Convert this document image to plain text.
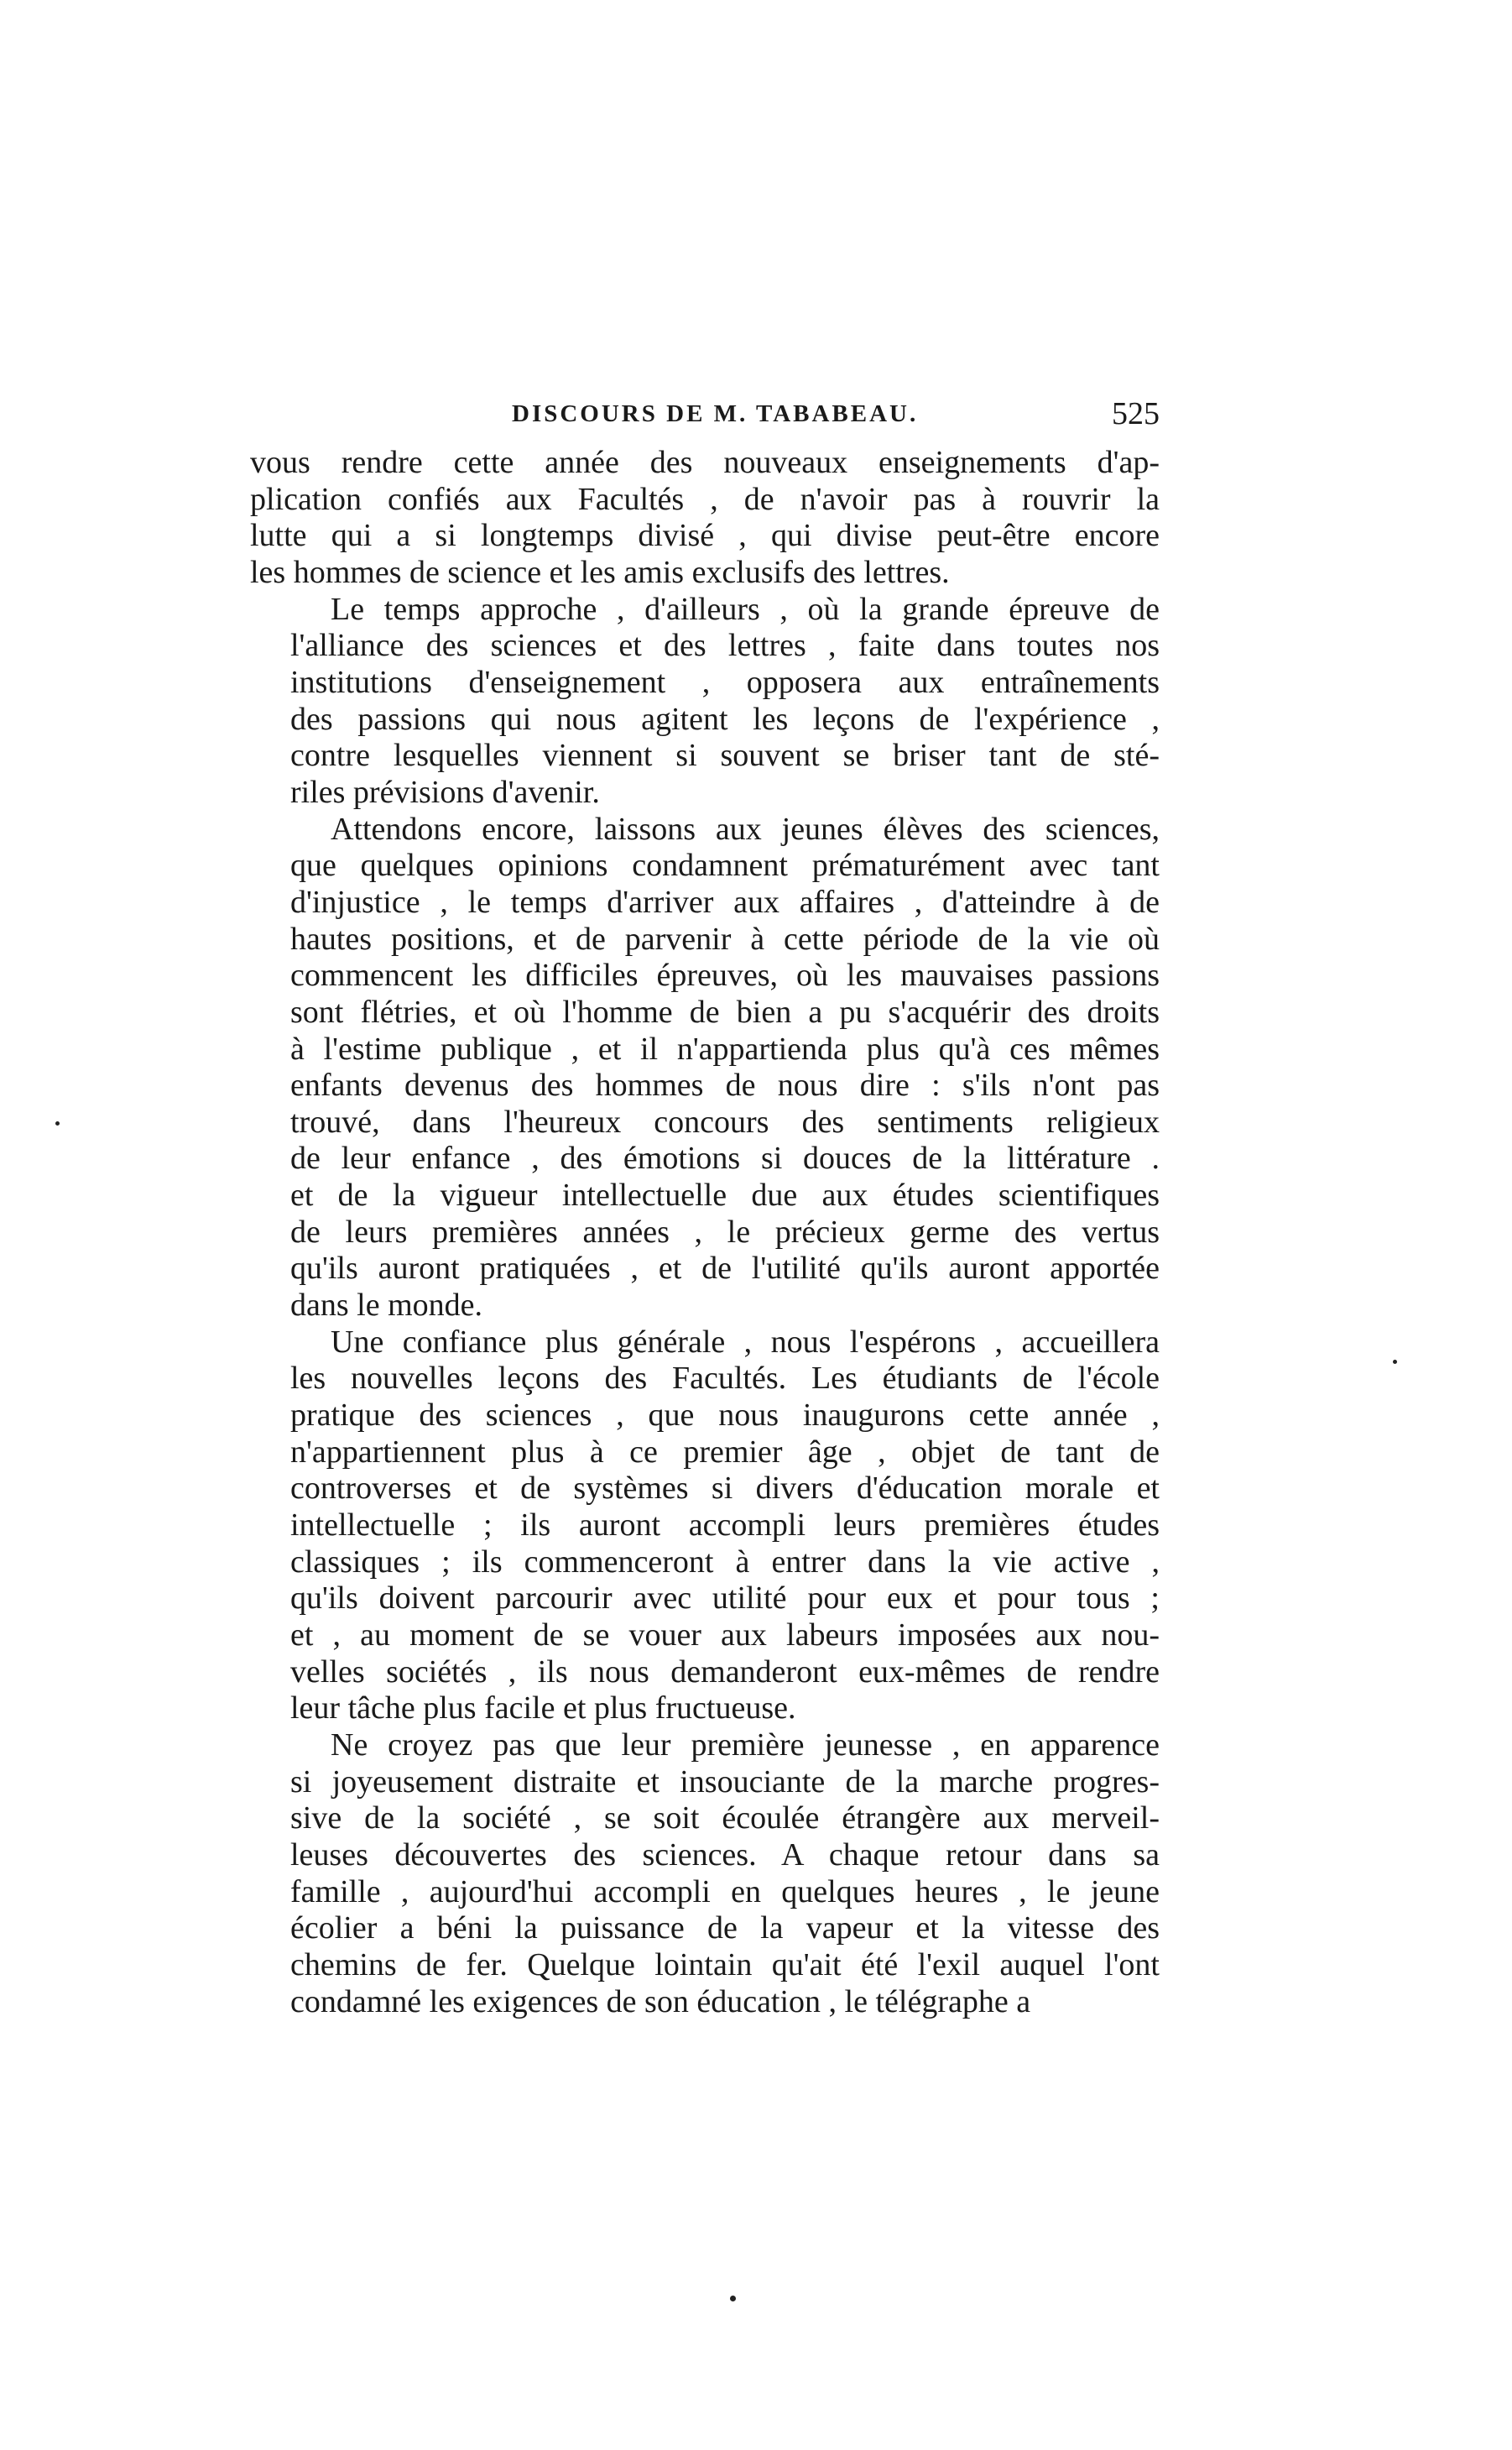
DISCOURS DE M. TABABEAU.	525
vous rendre cette année des nouveaux enseignements d'ap-
plication confiés aux Facultés , de n'avoir pas à rouvrir la
lutte qui a si longtemps divisé , qui divise peut-être encore
les hommes de science et les amis exclusifs des lettres.
Le temps approche , d'ailleurs , où la grande épreuve de
l'alliance des sciences et des lettres , faite dans toutes nos
institutions d'enseignement , opposera aux entraînements
des passions qui nous agitent les leçons de l'expérience ,
contre lesquelles viennent si souvent se briser tant de sté-
riles prévisions d'avenir.
Attendons encore, laissons aux jeunes élèves des sciences,
que quelques opinions condamnent prématurément avec tant
d'injustice , le temps d'arriver aux affaires , d'atteindre à de
hautes positions, et de parvenir à cette période de la vie où
commencent les difficiles épreuves, où les mauvaises passions
sont flétries, et où l'homme de bien a pu s'acquérir des droits
à l'estime publique , et il n'appartienda plus qu'à ces mêmes
enfants devenus des hommes de nous dire : s'ils n'ont pas
trouvé, dans l'heureux concours des sentiments religieux
de leur enfance , des émotions si douces de la littérature .
et de la vigueur intellectuelle due aux études scientifiques
de leurs premières années , le précieux germe des vertus
qu'ils auront pratiquées , et de l'utilité qu'ils auront apportée
dans le monde.
Une confiance plus générale , nous l'espérons , accueillera
les nouvelles leçons des Facultés. Les étudiants de l'école
pratique des sciences , que nous inaugurons cette année ,
n'appartiennent plus à ce premier âge , objet de tant de
controverses et de systèmes si divers d'éducation morale et
intellectuelle ; ils auront accompli leurs premières études
classiques ; ils commenceront à entrer dans la vie active ,
qu'ils doivent parcourir avec utilité pour eux et pour tous ;
et , au moment de se vouer aux labeurs imposées aux nou-
velles sociétés , ils nous demanderont eux-mêmes de rendre
leur tâche plus facile et plus fructueuse.
Ne croyez pas que leur première jeunesse , en apparence
si joyeusement distraite et insouciante de la marche progres-
sive de la société , se soit écoulée étrangère aux merveil-
leuses découvertes des sciences. A chaque retour dans sa
famille , aujourd'hui accompli en quelques heures , le jeune
écolier a béni la puissance de la vapeur et la vitesse des
chemins de fer. Quelque lointain qu'ait été l'exil auquel l'ont
condamné les exigences de son éducation , le télégraphe a
